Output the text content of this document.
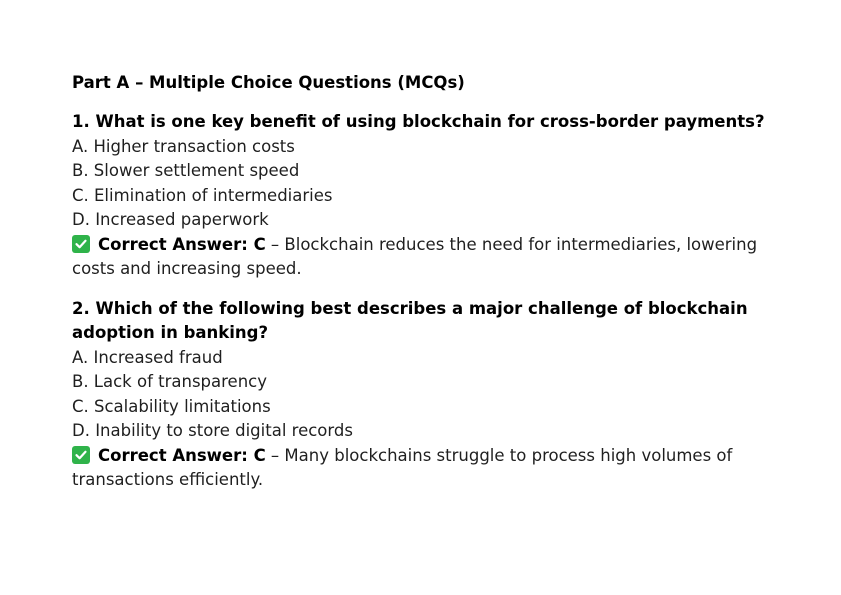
Part A – Multiple Choice Questions (MCQs)
1. What is one key benefit of using blockchain for cross-border payments?
A. Higher transaction costs
B. Slower settlement speed
C. Elimination of intermediaries
D. Increased paperwork
Correct Answer: C – Blockchain reduces the need for intermediaries, lowering costs and increasing speed.
2. Which of the following best describes a major challenge of blockchain adoption in banking?
A. Increased fraud
B. Lack of transparency
C. Scalability limitations
D. Inability to store digital records
Correct Answer: C – Many blockchains struggle to process high volumes of transactions efficiently.
